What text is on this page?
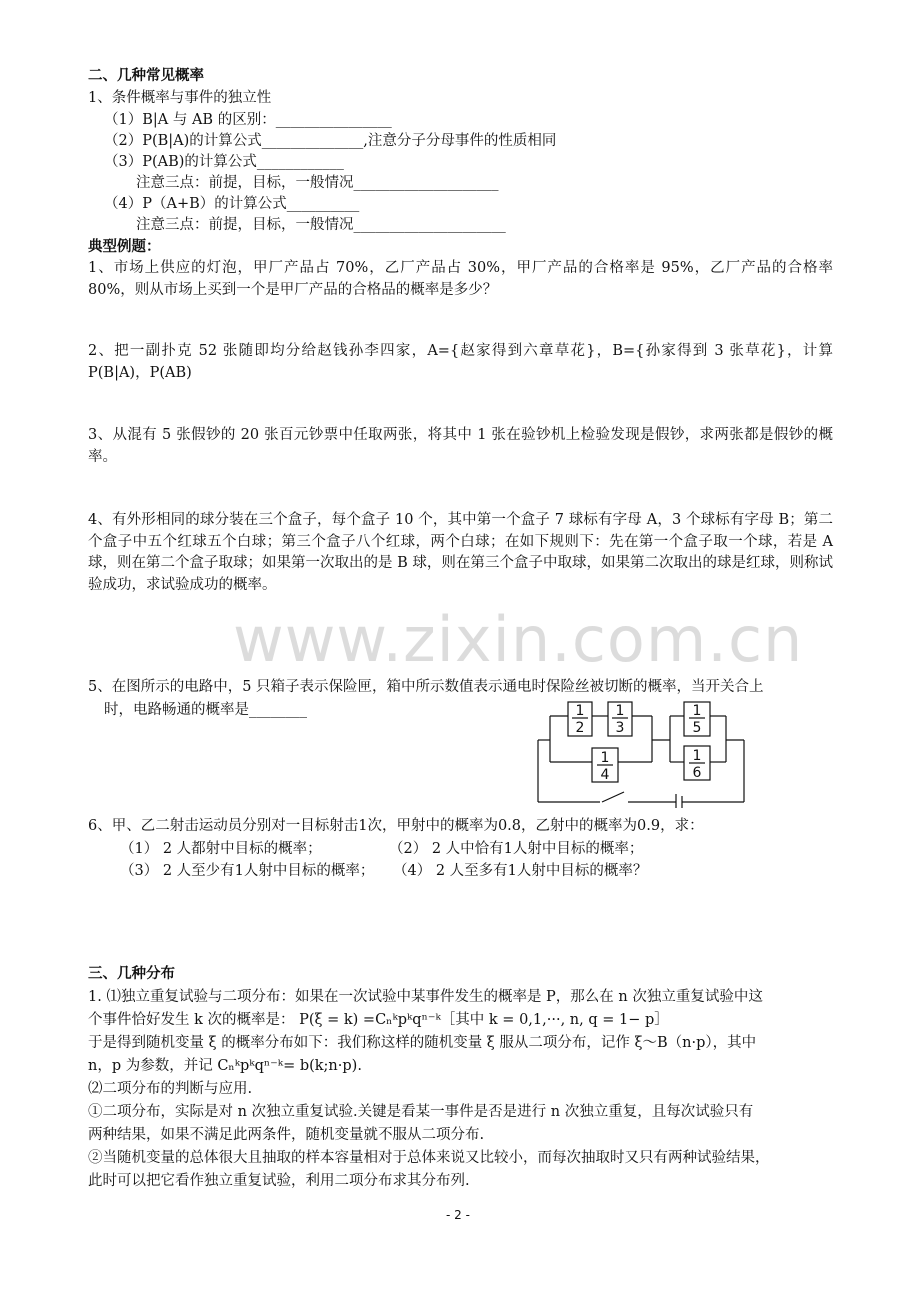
www.zixin.com.cn
二、几种常见概率
1、条件概率与事件的独立性
（1）B|A 与 AB 的区别：________________
（2）P(B|A)的计算公式______________,注意分子分母事件的性质相同
（3）P(AB)的计算公式____________
注意三点：前提，目标，一般情况____________________
（4）P（A+B）的计算公式__________
注意三点：前提，目标，一般情况_____________________
典型例题：
1、市场上供应的灯泡，甲厂产品占 70%，乙厂产品占 30%，甲厂产品的合格率是 95%，乙厂产品的合格率 80%，则从市场上买到一个是甲厂产品的合格品的概率是多少？
2、把一副扑克 52 张随即均分给赵钱孙李四家，A={赵家得到六章草花}，B={孙家得到 3 张草花}，计算 P(B|A)，P(AB)
3、从混有 5 张假钞的 20 张百元钞票中任取两张，将其中 1 张在验钞机上检验发现是假钞，求两张都是假钞的概率。
4、有外形相同的球分装在三个盒子，每个盒子 10 个，其中第一个盒子 7 球标有字母 A，3 个球标有字母 B；第二个盒子中五个红球五个白球；第三个盒子八个红球，两个白球；在如下规则下：先在第一个盒子取一个球，若是 A 球，则在第二个盒子取球；如果第一次取出的是 B 球，则在第三个盒子中取球，如果第二次取出的球是红球，则称试验成功，求试验成功的概率。
5、在图所示的电路中，5 只箱子表示保险匣，箱中所示数值表示通电时保险丝被切断的概率，当开关合上
时，电路畅通的概率是________	1
2
1
3
1
4
1
5
1
6
6、甲、乙二射击运动员分别对一目标射击1次，甲射中的概率为0.8，乙射中的概率为0.9，求：
（1） 2 人都射中目标的概率；	（2） 2 人中恰有1人射中目标的概率；
（3） 2 人至少有1人射中目标的概率； （4） 2 人至多有1人射中目标的概率？
三、几种分布
1. ⑴独立重复试验与二项分布：如果在一次试验中某事件发生的概率是 P，那么在 n 次独立重复试验中这
个事件恰好发生 k 次的概率是： P(ξ = k) =Cₙᵏpᵏqⁿ⁻ᵏ［其中 k = 0,1,···, n, q = 1− p］
于是得到随机变量 ξ 的概率分布如下：我们称这样的随机变量 ξ 服从二项分布，记作 ξ～B（n·p），其中
n，p 为参数，并记 Cₙᵏpᵏqⁿ⁻ᵏ= b(k;n·p).
⑵二项分布的判断与应用.
①二项分布，实际是对 n 次独立重复试验.关键是看某一事件是否是进行 n 次独立重复，且每次试验只有
两种结果，如果不满足此两条件，随机变量就不服从二项分布.
②当随机变量的总体很大且抽取的样本容量相对于总体来说又比较小，而每次抽取时又只有两种试验结果，
此时可以把它看作独立重复试验，利用二项分布求其分布列.
- 2 -
